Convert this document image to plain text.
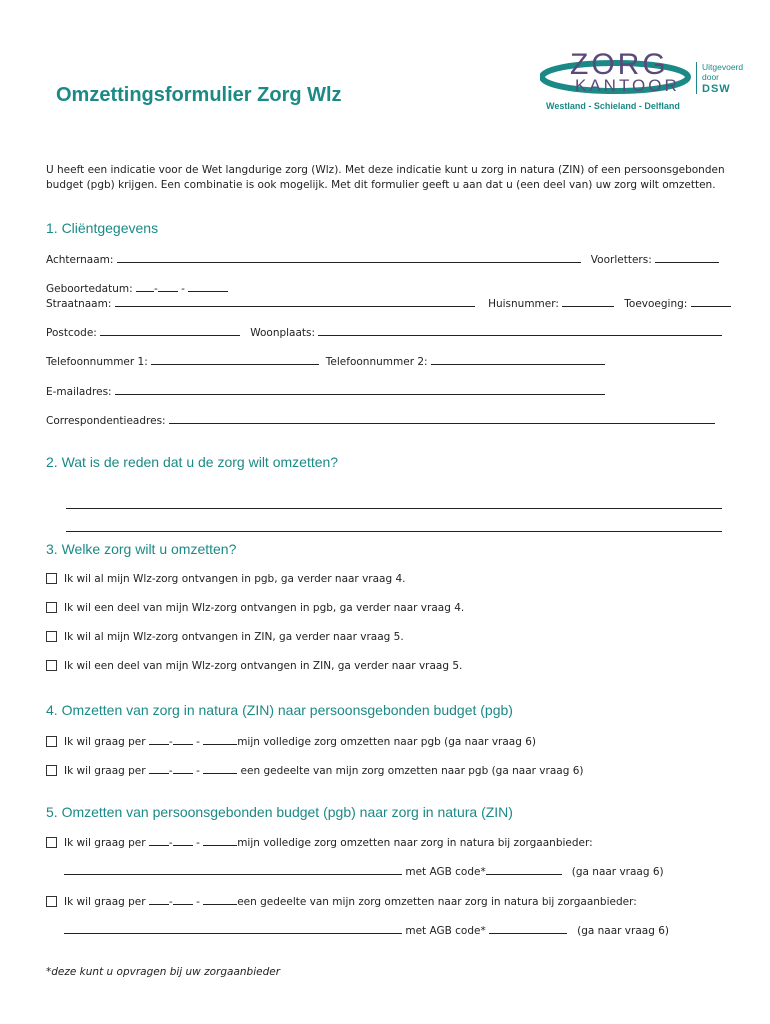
ZORG
KANTOOR
Westland - Schieland - Delfland
Uitgevoerd door
DSW
Omzettingsformulier Zorg Wlz
U heeft een indicatie voor de Wet langdurige zorg (Wlz). Met deze indicatie kunt u zorg in natura (ZIN) of een persoonsgebonden budget (pgb) krijgen. Een combinatie is ook mogelijk. Met dit formulier geeft u aan dat u (een deel van) uw zorg wilt omzetten.
1. Cliëntgegevens
Achternaam:	Voorletters:
Geboortedatum: - -
Straatnaam:	Huisnummer:	Toevoeging:
Postcode:	Woonplaats:
Telefoonnummer 1:	Telefoonnummer 2:
E-mailadres:
Correspondentieadres:
2. Wat is de reden dat u de zorg wilt omzetten?
3. Welke zorg wilt u omzetten?
Ik wil al mijn Wlz-zorg ontvangen in pgb, ga verder naar vraag 4.
Ik wil een deel van mijn Wlz-zorg ontvangen in pgb, ga verder naar vraag 4.
Ik wil al mijn Wlz-zorg ontvangen in ZIN, ga verder naar vraag 5.
Ik wil een deel van mijn Wlz-zorg ontvangen in ZIN, ga verder naar vraag 5.
4. Omzetten van zorg in natura (ZIN) naar persoonsgebonden budget (pgb)
Ik wil graag per - -	mijn volledige zorg omzetten naar pgb (ga naar vraag 6)
Ik wil graag per - -	een gedeelte van mijn zorg omzetten naar pgb (ga naar vraag 6)
5. Omzetten van persoonsgebonden budget (pgb) naar zorg in natura (ZIN)
Ik wil graag per - -	mijn volledige zorg omzetten naar zorg in natura bij zorgaanbieder:
met AGB code*	(ga naar vraag 6)
Ik wil graag per - -	een gedeelte van mijn zorg omzetten naar zorg in natura bij zorgaanbieder:
met AGB code*	(ga naar vraag 6)
*deze kunt u opvragen bij uw zorgaanbieder
